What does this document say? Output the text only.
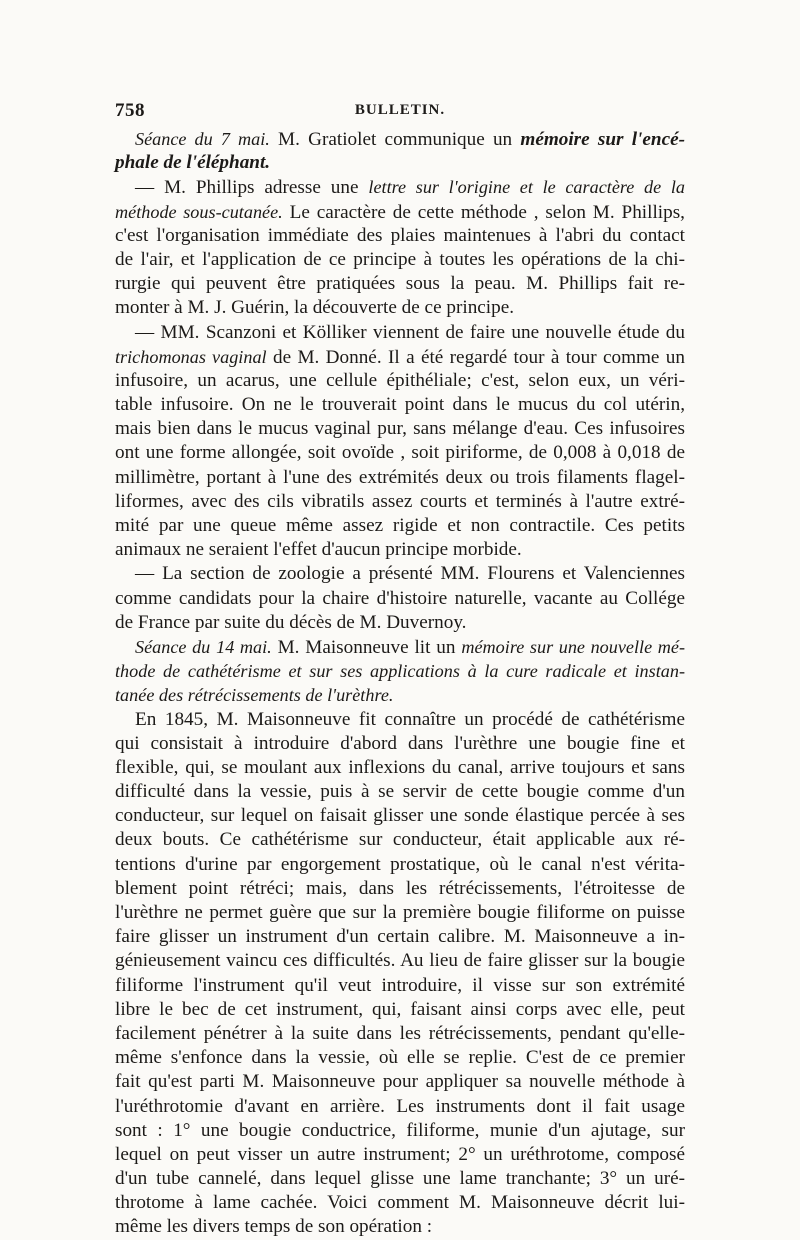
758	BULLETIN.
Séance du 7 mai. M. Gratiolet communique un mémoire sur l'encé-
phale de l'éléphant.
— M. Phillips adresse une lettre sur l'origine et le caractère de la
méthode sous-cutanée. Le caractère de cette méthode , selon M. Phillips,
c'est l'organisation immédiate des plaies maintenues à l'abri du contact
de l'air, et l'application de ce principe à toutes les opérations de la chi-
rurgie qui peuvent être pratiquées sous la peau. M. Phillips fait re-
monter à M. J. Guérin, la découverte de ce principe.
— MM. Scanzoni et Kölliker viennent de faire une nouvelle étude du
trichomonas vaginal de M. Donné. Il a été regardé tour à tour comme un
infusoire, un acarus, une cellule épithéliale; c'est, selon eux, un véri-
table infusoire. On ne le trouverait point dans le mucus du col utérin,
mais bien dans le mucus vaginal pur, sans mélange d'eau. Ces infusoires
ont une forme allongée, soit ovoïde , soit piriforme, de 0,008 à 0,018 de
millimètre, portant à l'une des extrémités deux ou trois filaments flagel-
liformes, avec des cils vibratils assez courts et terminés à l'autre extré-
mité par une queue même assez rigide et non contractile. Ces petits
animaux ne seraient l'effet d'aucun principe morbide.
— La section de zoologie a présenté MM. Flourens et Valenciennes
comme candidats pour la chaire d'histoire naturelle, vacante au Collége
de France par suite du décès de M. Duvernoy.
Séance du 14 mai. M. Maisonneuve lit un mémoire sur une nouvelle mé-
thode de cathétérisme et sur ses applications à la cure radicale et instan-
tanée des rétrécissements de l'urèthre.
En 1845, M. Maisonneuve fit connaître un procédé de cathétérisme
qui consistait à introduire d'abord dans l'urèthre une bougie fine et
flexible, qui, se moulant aux inflexions du canal, arrive toujours et sans
difficulté dans la vessie, puis à se servir de cette bougie comme d'un
conducteur, sur lequel on faisait glisser une sonde élastique percée à ses
deux bouts. Ce cathétérisme sur conducteur, était applicable aux ré-
tentions d'urine par engorgement prostatique, où le canal n'est vérita-
blement point rétréci; mais, dans les rétrécissements, l'étroitesse de
l'urèthre ne permet guère que sur la première bougie filiforme on puisse
faire glisser un instrument d'un certain calibre. M. Maisonneuve a in-
génieusement vaincu ces difficultés. Au lieu de faire glisser sur la bougie
filiforme l'instrument qu'il veut introduire, il visse sur son extrémité
libre le bec de cet instrument, qui, faisant ainsi corps avec elle, peut
facilement pénétrer à la suite dans les rétrécissements, pendant qu'elle-
même s'enfonce dans la vessie, où elle se replie. C'est de ce premier
fait qu'est parti M. Maisonneuve pour appliquer sa nouvelle méthode à
l'uréthrotomie d'avant en arrière. Les instruments dont il fait usage
sont : 1° une bougie conductrice, filiforme, munie d'un ajutage, sur
lequel on peut visser un autre instrument; 2° un uréthrotome, composé
d'un tube cannelé, dans lequel glisse une lame tranchante; 3° un uré-
throtome à lame cachée. Voici comment M. Maisonneuve décrit lui-
même les divers temps de son opération :
